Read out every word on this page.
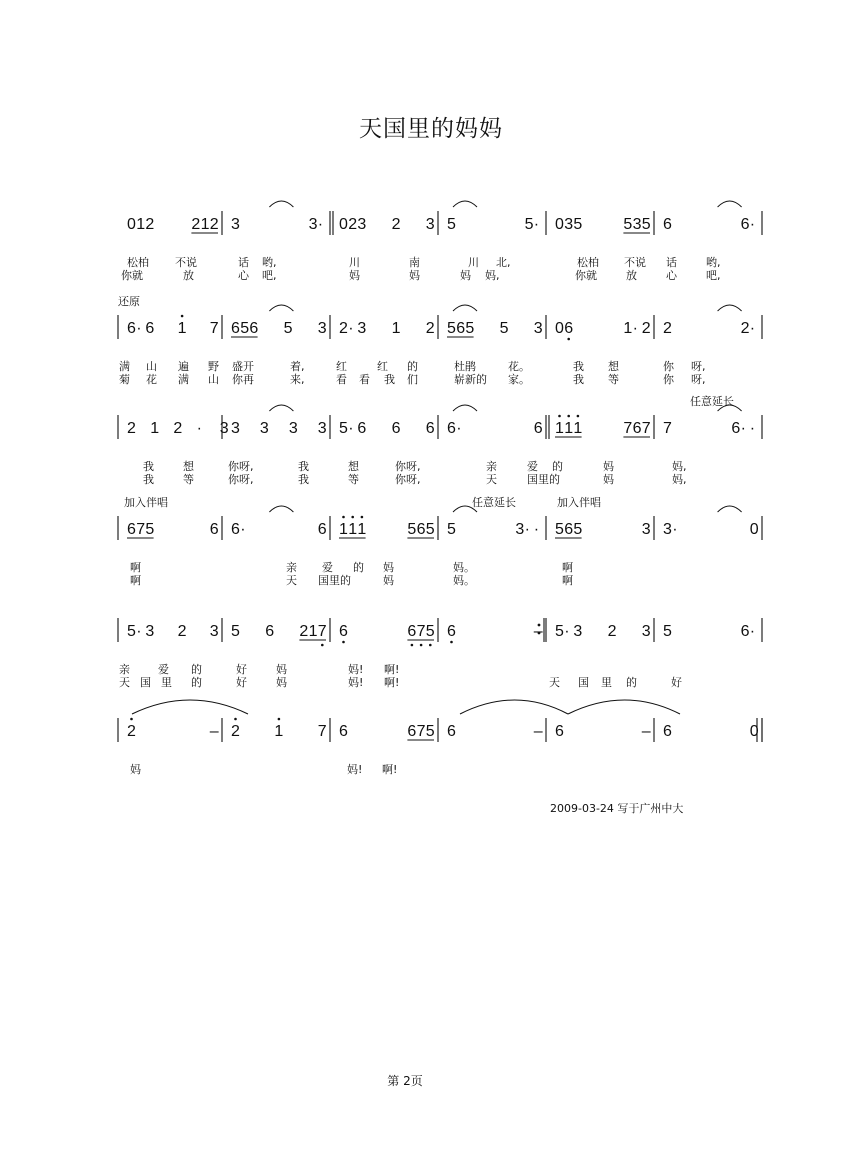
天国里的妈妈
0 1 2 2 1 2 3	3 · 0 2 3 2 3 5	5 · 0 3 5	5 3 5 6	6 ·
松柏 不说	话 哟,	川	南	川 北,	松柏 不说 话	哟,
你就	放	心 吧,	妈	妈	妈 妈,	你就	放	心	吧,
6 · 6 1 7 6 5 6 5 3 2 · 3 1 2 5 6 5 5 3 0 6	1 · 2 2	2 ·
还原
满 山 遍 野 盛开	着,	红	红 的	杜鹃	花。	我 想	你 呀,
菊 花 满 山 你再	来,	看 看 我 们	崭新的 家。	我 等	你 呀,
2 1 2 · 3 3 3 3 3 5 · 6 6 6 6 ·	6 1 1 1	7 6 7 7	6 · ·
任意延长
我	想	你呀,	我	想	你呀,	亲	爱 的	妈	妈,
我	等	你呀,	我	等	你呀,	天	国里的	妈	妈,
6 7 5	6 6 ·	6 1 1 1	5 6 5 5	3 · · 5 6 5	3 3 ·	0
加入伴唱	任意延长	加入伴唱
啊	亲 爱 的 妈	妈。	啊
啊	天 国里的	妈	妈。	啊
5 · 3 2 3 5 6 2 1 7 6	6 7 5 6	– 5 · 3 2 3 5	6 ·
亲	爱 的	好	妈	妈! 啊!
天 国 里 的	好	妈	妈! 啊!	天 国 里 的	好
2	– 2 1 7 6	6 7 5 6	– 6	– 6	0
妈	妈! 啊!
2009-03-24 写于广州中大
第 2页
